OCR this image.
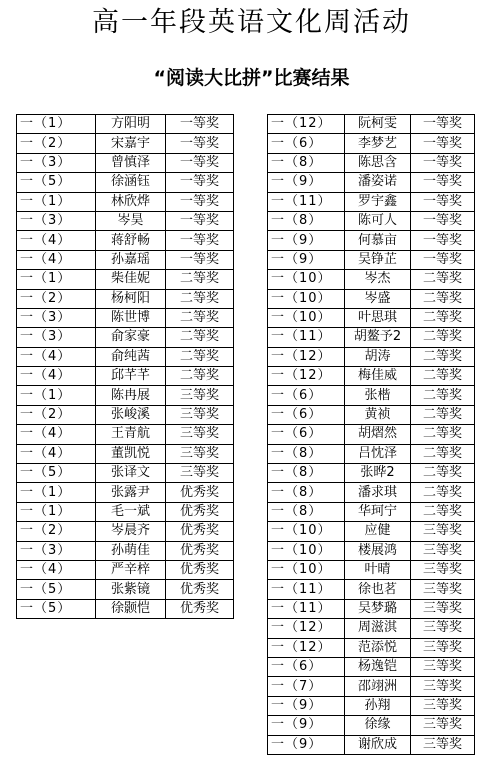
高一年段英语文化周活动
“阅读大比拼”比赛结果
一（1）	方阳明	一等奖
一（2）	宋嘉宇	一等奖
一（3）	曾慎泽	一等奖
一（5）	徐涵钰	一等奖
一（1）	林欣烨	一等奖
一（3）	岑昊	一等奖
一（4）	蒋舒畅	一等奖
一（4）	孙嘉瑶	一等奖
一（1）	柴佳妮	二等奖
一（2）	杨柯阳	二等奖
一（3）	陈世博	二等奖
一（3）	俞家豪	二等奖
一（4）	俞纯茜	二等奖
一（4）	邱芊芊	二等奖
一（1）	陈冉展	三等奖
一（2）	张峻溪	三等奖
一（4）	王青航	三等奖
一（4）	董凯悦	三等奖
一（5）	张译文	三等奖
一（1）	张露尹	优秀奖
一（1）	毛一斌	优秀奖
一（2）	岑晨齐	优秀奖
一（3）	孙萌佳	优秀奖
一（4）	严辛梓	优秀奖
一（5）	张紫镜	优秀奖
一（5）	徐颢恺	优秀奖
一（12）	阮柯雯	一等奖
一（6）	李梦艺	一等奖
一（8）	陈思含	一等奖
一（9）	潘姿诺	一等奖
一（11）	罗宇鑫	一等奖
一（8）	陈可人	一等奖
一（9）	何慕亩	一等奖
一（9）	吴铮芷	一等奖
一（10）	岑杰	二等奖
一（10）	岑盛	二等奖
一（10）	叶思琪	二等奖
一（11）	胡鳌予2	二等奖
一（12）	胡涛	二等奖
一（12）	梅佳威	二等奖
一（6）	张楷	二等奖
一（6）	黄祯	二等奖
一（6）	胡熠然	二等奖
一（8）	吕忱泽	二等奖
一（8）	张晔2	二等奖
一（8）	潘求琪	二等奖
一（8）	华珂宁	二等奖
一（10）	应健	三等奖
一（10）	楼展鸿	三等奖
一（10）	叶晴	三等奖
一（11）	徐也茗	三等奖
一（11）	吴梦璐	三等奖
一（12）	周滋淇	三等奖
一（12）	范添悦	三等奖
一（6）	杨逸铠	三等奖
一（7）	邵翊洲	三等奖
一（9）	孙翔	三等奖
一（9）	徐缘	三等奖
一（9）	谢欣成	三等奖
